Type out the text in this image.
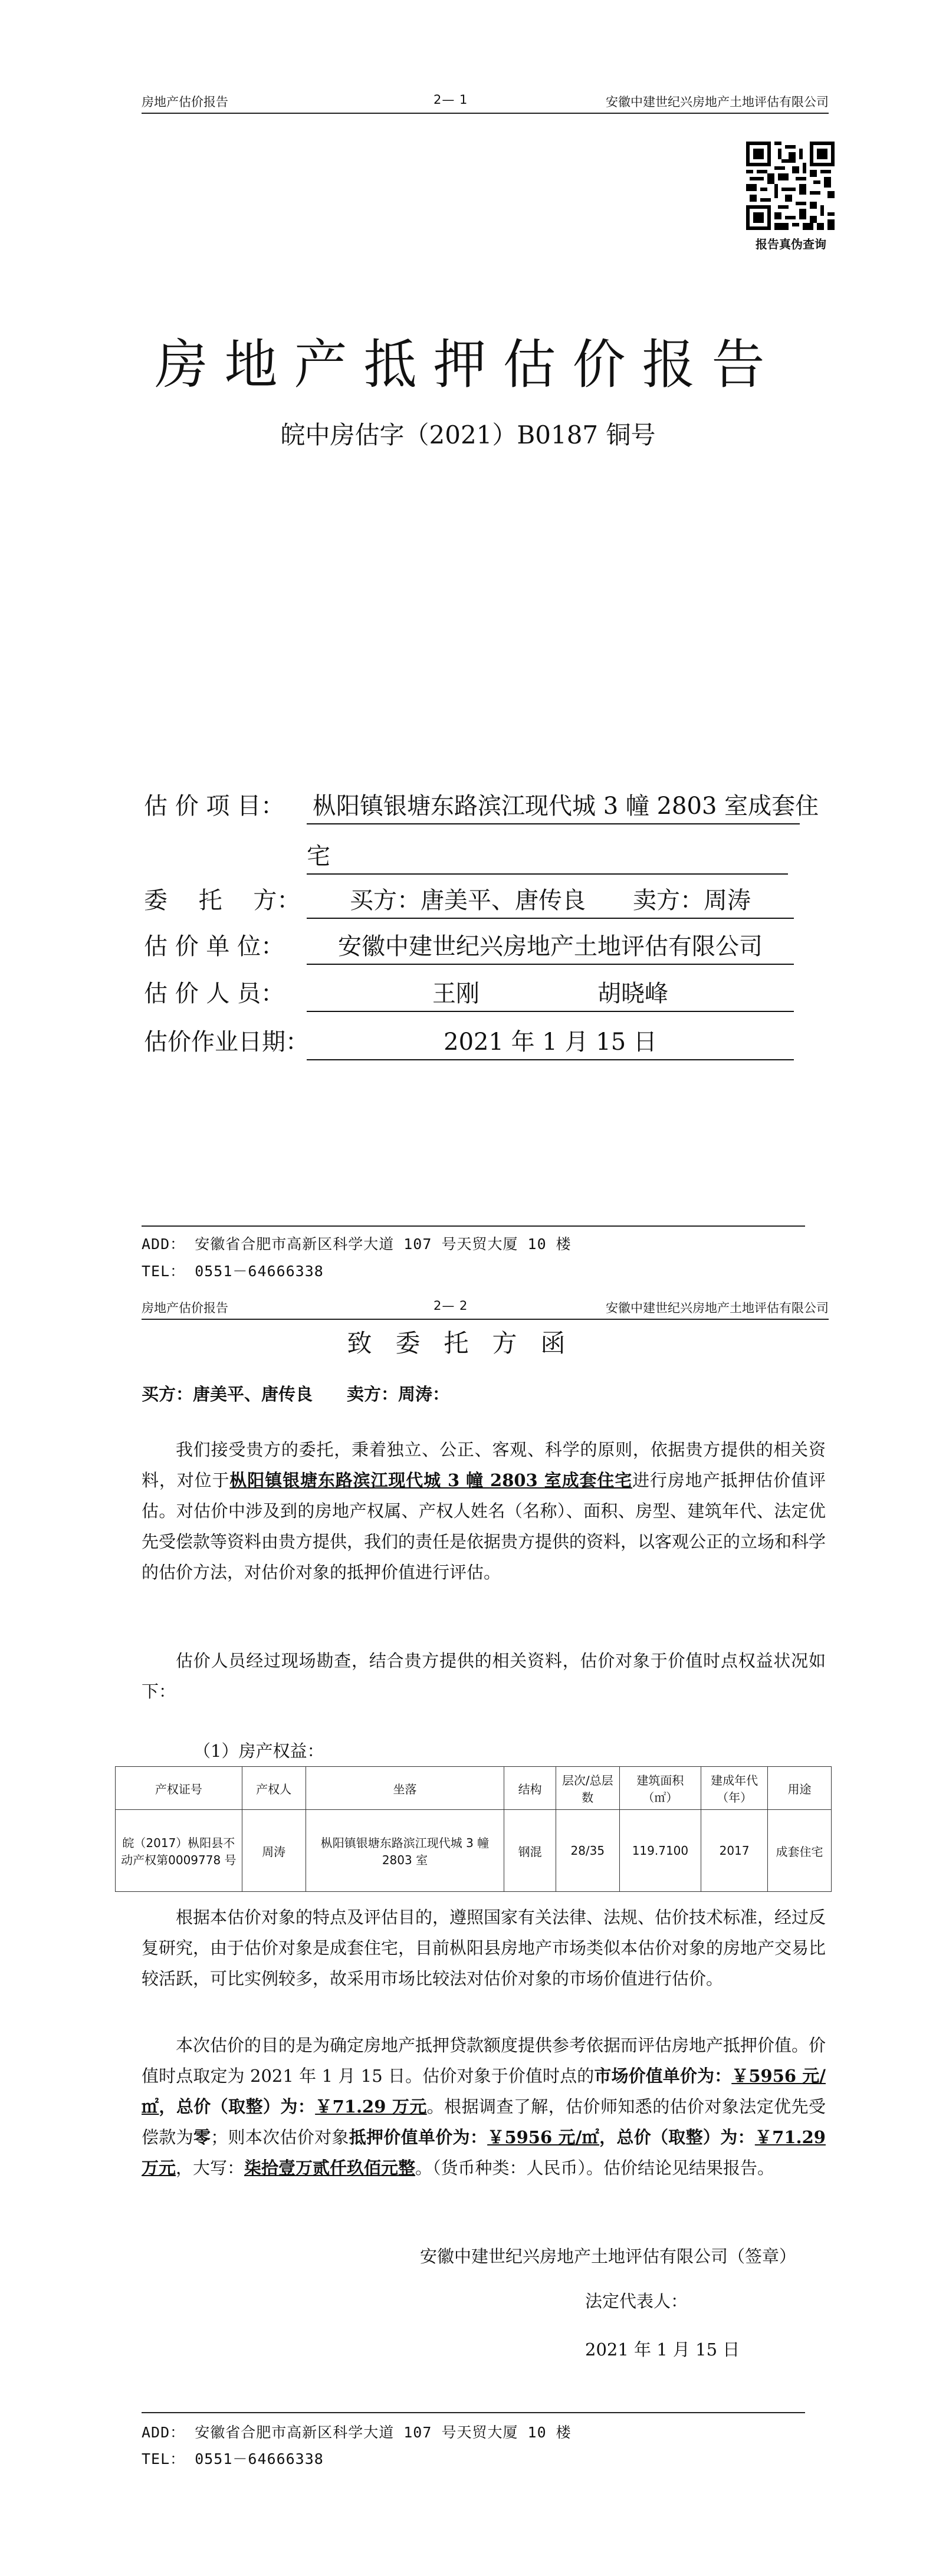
房地产估价报告	2— 1	安徽中建世纪兴房地产土地评估有限公司
报告真伪查询
房地产抵押估价报告
皖中房估字（2021）B0187 铜号
估 价 项 目：	枞阳镇银塘东路滨江现代城 3 幢 2803 室成套住
宅
委　 托　 方：	买方：唐美平、唐传良　　卖方：周涛
估 价 单 位：	安徽中建世纪兴房地产土地评估有限公司
估 价 人 员：	王刚　　　　　胡晓峰
估价作业日期：	2021 年 1 月 15 日
ADD： 安徽省合肥市高新区科学大道 107 号天贸大厦 10 楼
TEL： 0551－64666338
房地产估价报告	2— 2	安徽中建世纪兴房地产土地评估有限公司
致委托方函
买方：唐美平、唐传良　　卖方：周涛：
我们接受贵方的委托，秉着独立、公正、客观、科学的原则，依据贵方提供的相关资料，对位于枞阳镇银塘东路滨江现代城 3 幢 2803 室成套住宅进行房地产抵押估价值评估。对估价中涉及到的房地产权属、产权人姓名（名称）、面积、房型、建筑年代、法定优先受偿款等资料由贵方提供，我们的责任是依据贵方提供的资料，以客观公正的立场和科学的估价方法，对估价对象的抵押价值进行评估。
估价人员经过现场勘查，结合贵方提供的相关资料，估价对象于价值时点权益状况如下：
（1）房产权益：
产权证号	产权人	坐落	结构	层次/总层数	建筑面积（㎡）	建成年代（年）	用途
皖（2017）枞阳县不动产权第0009778 号	周涛	枞阳镇银塘东路滨江现代城 3 幢 2803 室	钢混	28/35	119.7100	2017	成套住宅
根据本估价对象的特点及评估目的，遵照国家有关法律、法规、估价技术标准，经过反复研究，由于估价对象是成套住宅，目前枞阳县房地产市场类似本估价对象的房地产交易比较活跃，可比实例较多，故采用市场比较法对估价对象的市场价值进行估价。
本次估价的目的是为确定房地产抵押贷款额度提供参考依据而评估房地产抵押价值。价值时点取定为 2021 年 1 月 15 日。估价对象于价值时点的市场价值单价为：￥5956 元/㎡，总价（取整）为：￥71.29 万元。根据调查了解，估价师知悉的估价对象法定优先受偿款为零；则本次估价对象抵押价值单价为：￥5956 元/㎡，总价（取整）为：￥71.29 万元，大写：柒拾壹万贰仟玖佰元整。（货币种类：人民币）。估价结论见结果报告。
安徽中建世纪兴房地产土地评估有限公司（签章）
法定代表人：
2021 年 1 月 15 日
ADD： 安徽省合肥市高新区科学大道 107 号天贸大厦 10 楼
TEL： 0551－64666338
